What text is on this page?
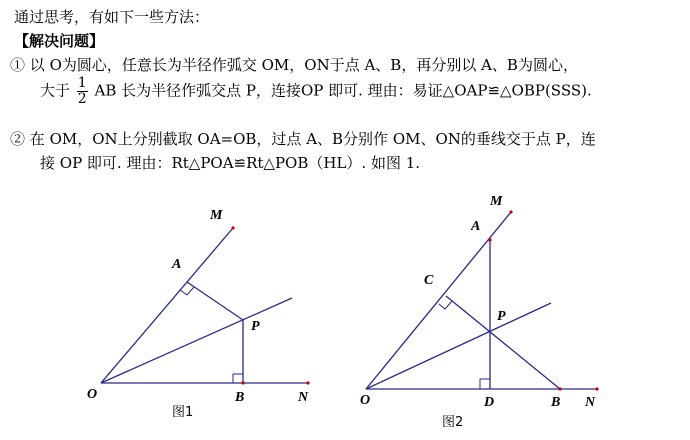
通过思考，有如下一些方法：
【解决问题】
① 以 O为圆心，任意长为半径作弧交 OM，ON于点 A、B，再分别以 A、B为圆心，
大于 $\frac{1}{2}$ AB 长为半径作弧交点 P，连接OP 即可. 理由：易证△OAP≌△OBP(SSS).
② 在 OM，ON上分别截取 OA=OB，过点 A、B分别作 OM、ON的垂线交于点 P，连
接 OP 即可. 理由：Rt△POA≌Rt△POB（HL）. 如图 1.
M
A
P
O	B	N
图1
M
A
C
P
O	D	B N
图2
